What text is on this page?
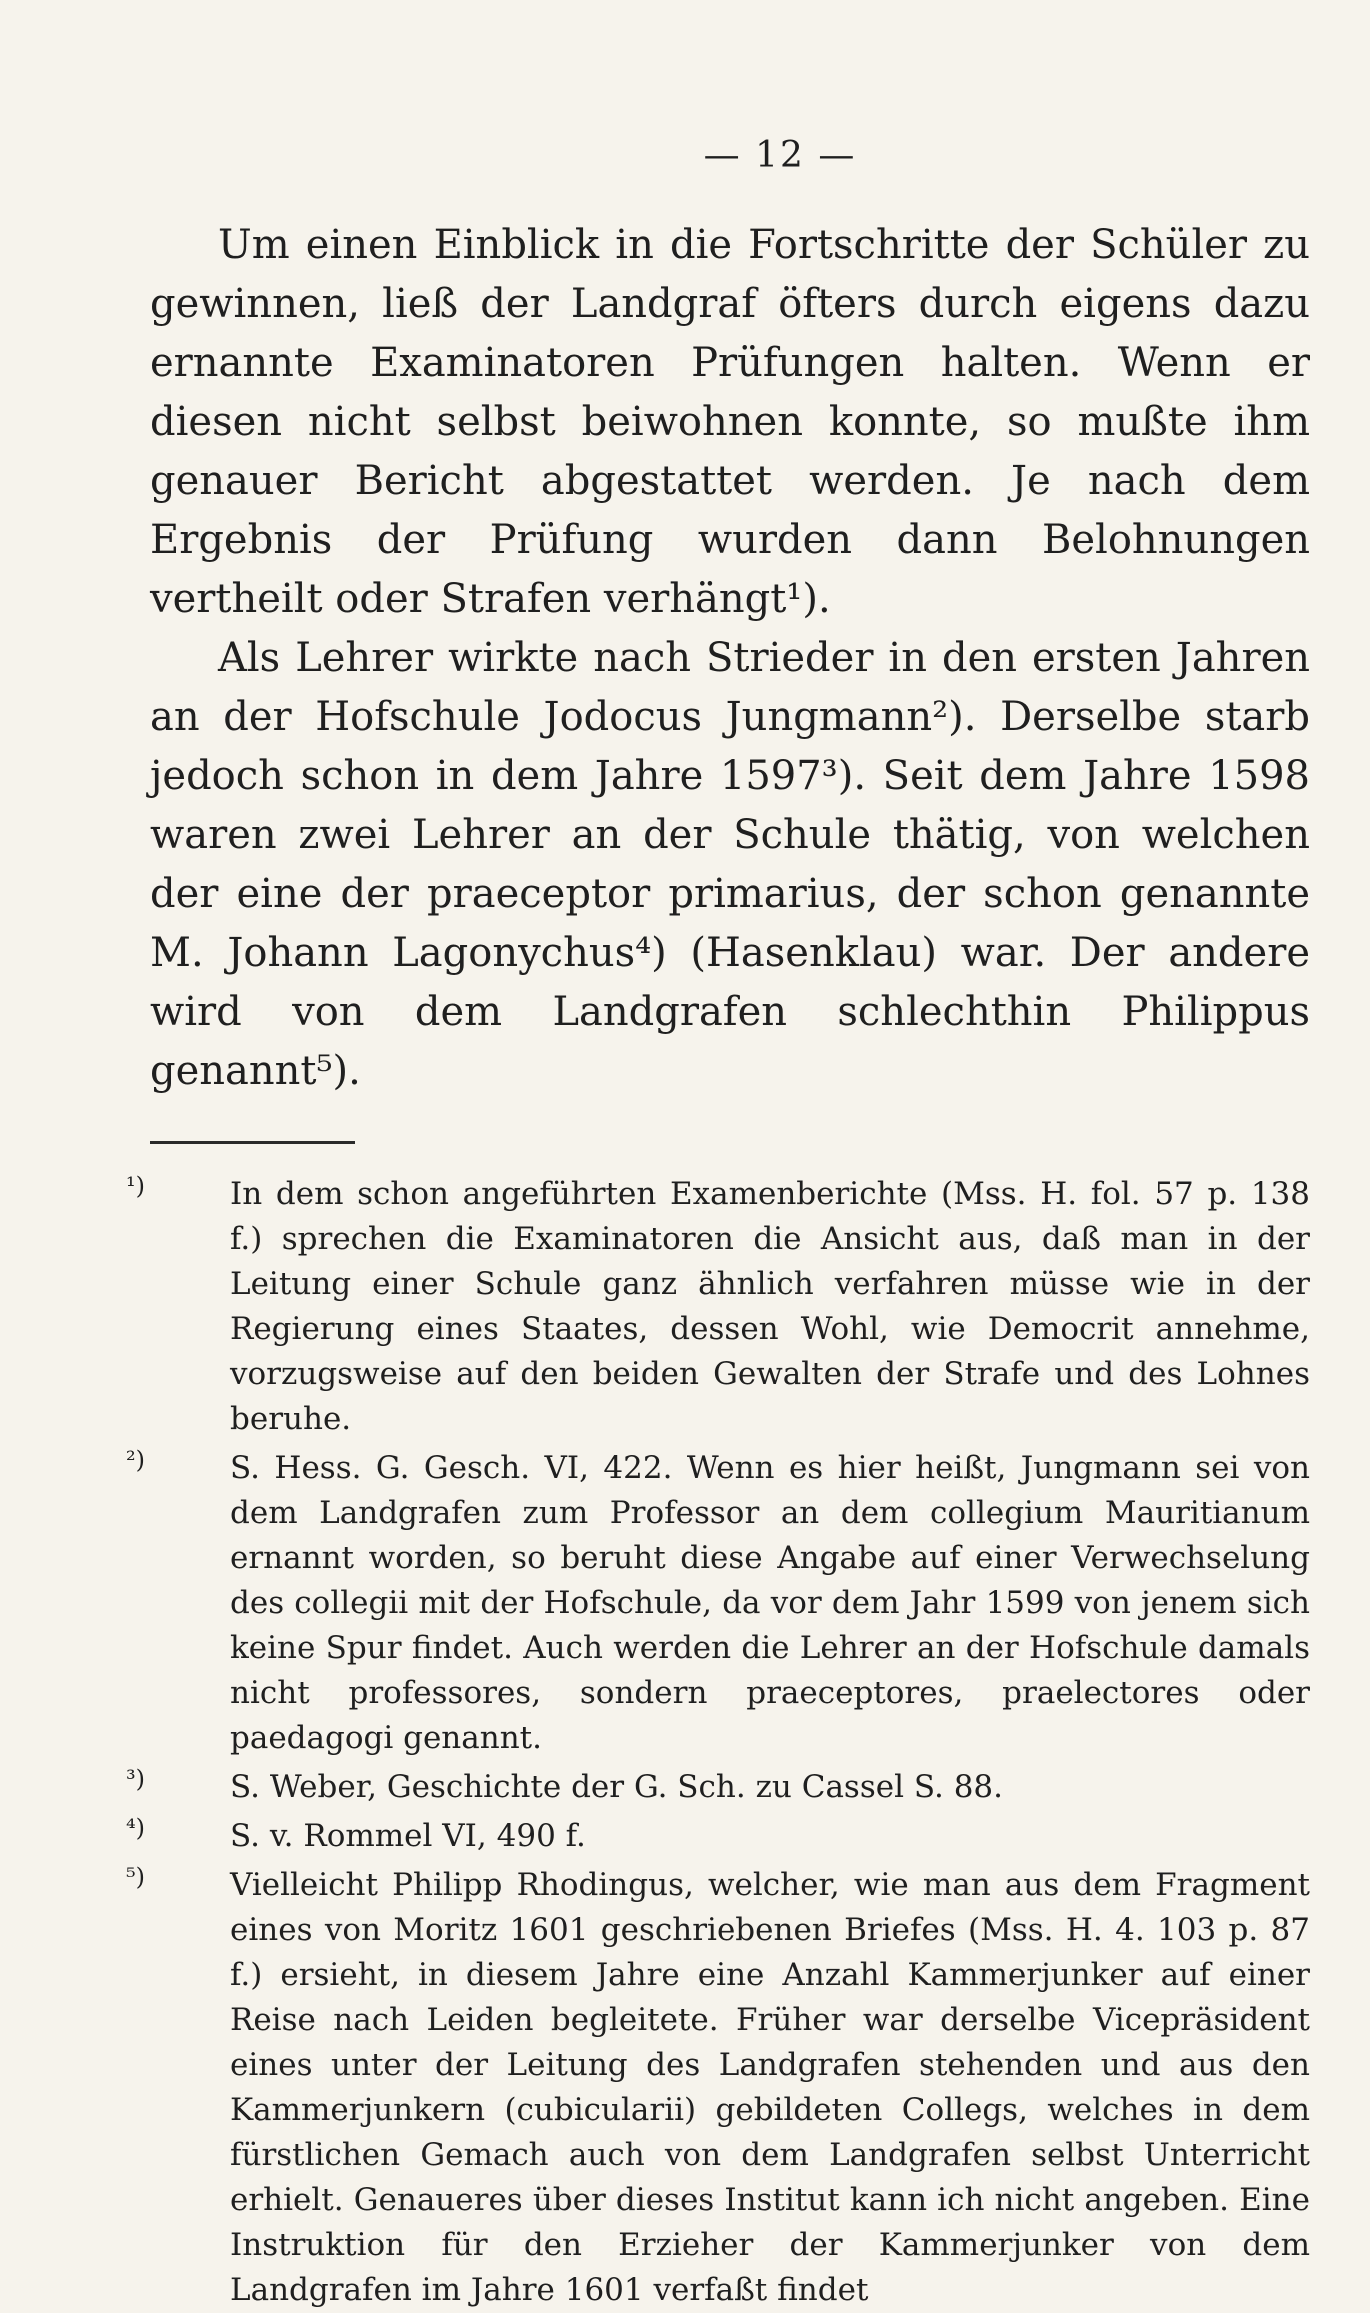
— 12 —

Um einen Einblick in die Fortschritte der Schüler zu gewinnen, ließ der Landgraf öfters durch eigens dazu ernannte Examinatoren Prüfungen halten. Wenn er diesen nicht selbst beiwohnen konnte, so mußte ihm genauer Bericht abgestattet werden. Je nach dem Ergebnis der Prüfung wurden dann Belohnungen vertheilt oder Strafen verhängt¹).

Als Lehrer wirkte nach Strieder in den ersten Jahren an der Hofschule Jodocus Jungmann²). Derselbe starb jedoch schon in dem Jahre 1597³). Seit dem Jahre 1598 waren zwei Lehrer an der Schule thätig, von welchen der eine der praeceptor primarius, der schon genannte M. Johann Lagonychus⁴) (Hasenklau) war. Der andere wird von dem Landgrafen schlechthin Philippus genannt⁵).

¹)	In dem schon angeführten Examenberichte (Mss. H. fol. 57 p. 138 f.) sprechen die Examinatoren die Ansicht aus, daß man in der Leitung einer Schule ganz ähnlich verfahren müsse wie in der Regierung eines Staates, dessen Wohl, wie Democrit annehme, vorzugsweise auf den beiden Gewalten der Strafe und des Lohnes beruhe.
²)	S. Hess. G. Gesch. VI, 422. Wenn es hier heißt, Jungmann sei von dem Landgrafen zum Professor an dem collegium Mauritianum ernannt worden, so beruht diese Angabe auf einer Verwechselung des collegii mit der Hofschule, da vor dem Jahr 1599 von jenem sich keine Spur findet. Auch werden die Lehrer an der Hofschule damals nicht professores, sondern praeceptores, praelectores oder paedagogi genannt.
³)	S. Weber, Geschichte der G. Sch. zu Cassel S. 88.
⁴)	S. v. Rommel VI, 490 f.
⁵)	Vielleicht Philipp Rhodingus, welcher, wie man aus dem Fragment eines von Moritz 1601 geschriebenen Briefes (Mss. H. 4. 103 p. 87 f.) ersieht, in diesem Jahre eine Anzahl Kammerjunker auf einer Reise nach Leiden begleitete. Früher war derselbe Vicepräsident eines unter der Leitung des Landgrafen stehenden und aus den Kammerjunkern (cubicularii) gebildeten Collegs, welches in dem fürstlichen Gemach auch von dem Landgrafen selbst Unterricht erhielt. Genaueres über dieses Institut kann ich nicht angeben. Eine Instruktion für den Erzieher der Kammerjunker von dem Landgrafen im Jahre 1601 verfaßt findet
